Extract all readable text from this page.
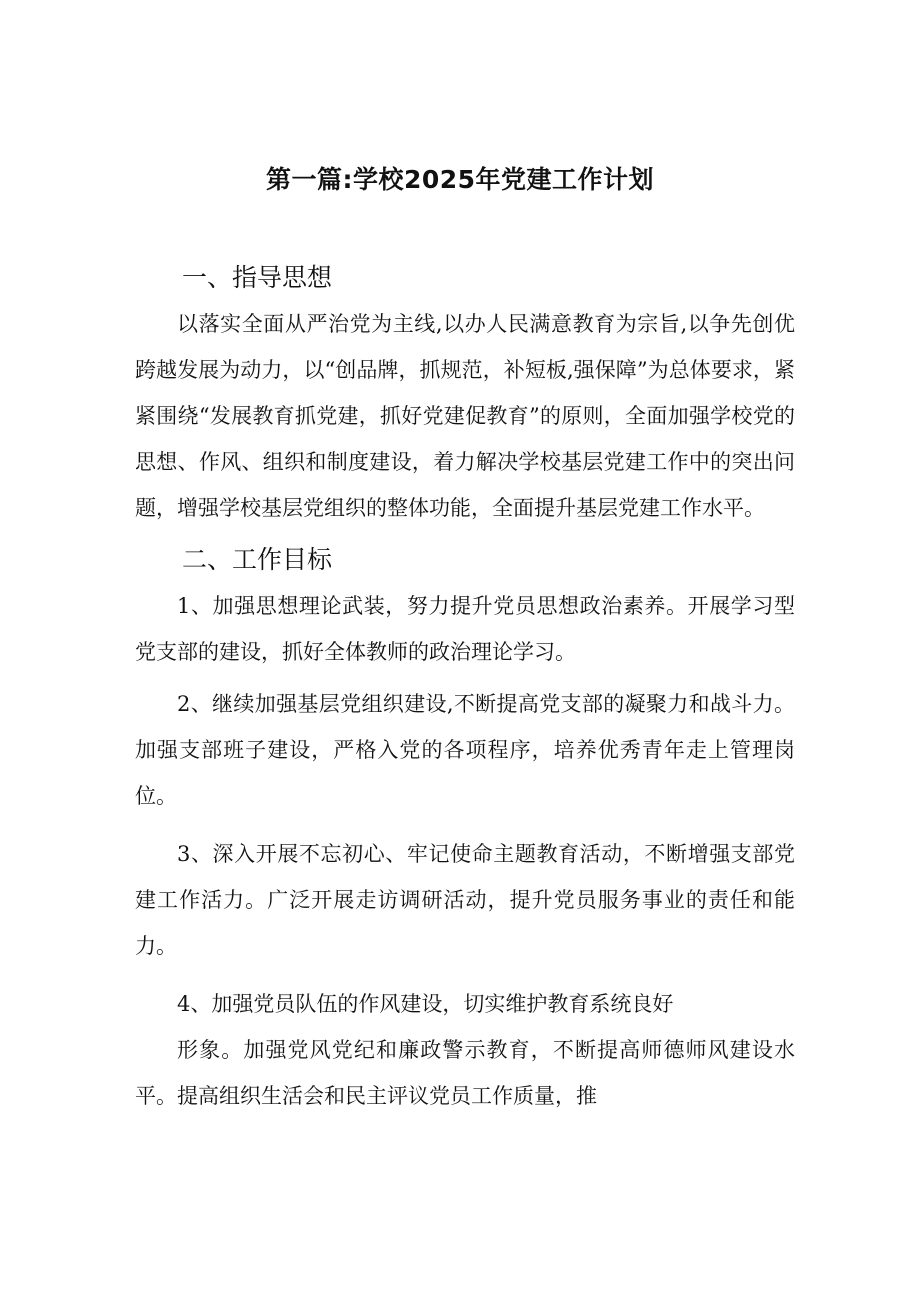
第一篇:学校2025年党建工作计划
一、指导思想

以落实全面从严治党为主线,以办人民满意教育为宗旨,以争先创优跨越发展为动力，以“创品牌，抓规范，补短板,强保障”为总体要求，紧紧围绕“发展教育抓党建，抓好党建促教育”的原则，全面加强学校党的思想、作风、组织和制度建设，着力解决学校基层党建工作中的突出问题，增强学校基层党组织的整体功能，全面提升基层党建工作水平。

二、工作目标

1、加强思想理论武装，努力提升党员思想政治素养。开展学习型党支部的建设，抓好全体教师的政治理论学习。

2、继续加强基层党组织建设,不断提高党支部的凝聚力和战斗力。加强支部班子建设，严格入党的各项程序，培养优秀青年走上管理岗位。

3、深入开展不忘初心、牢记使命主题教育活动，不断增强支部党建工作活力。广泛开展走访调研活动，提升党员服务事业的责任和能力。

4、加强党员队伍的作风建设，切实维护教育系统良好

形象。加强党风党纪和廉政警示教育，不断提高师德师风建设水平。提高组织生活会和民主评议党员工作质量，推
